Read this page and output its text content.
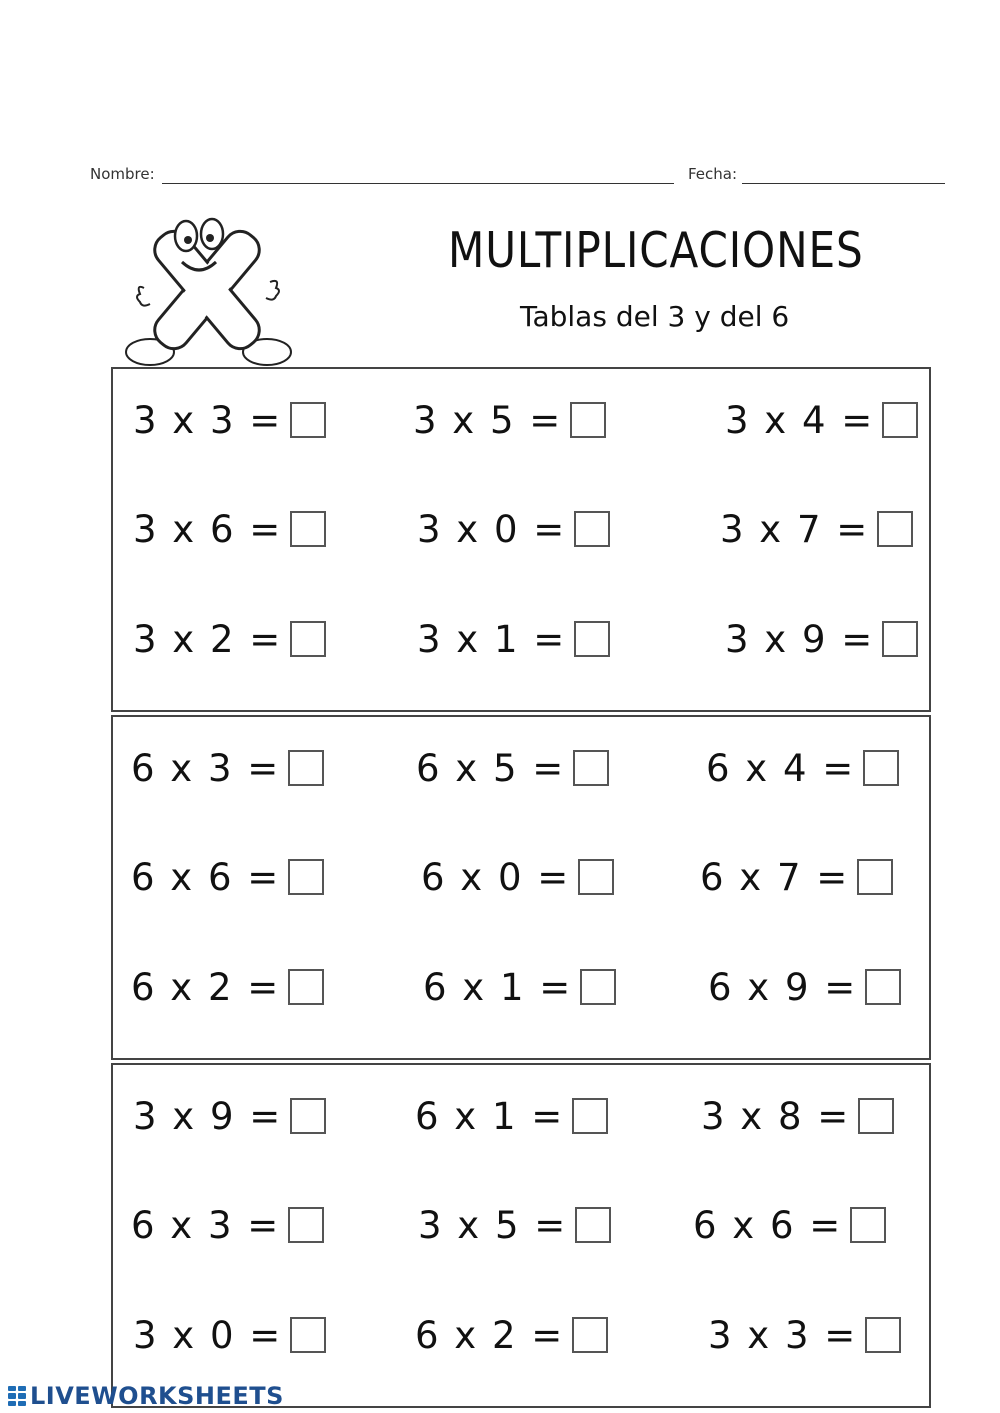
Nombre:	Fecha:
MULTIPLICACIONES
Tablas del 3 y del 6
3 x 3 =	3 x 5 =	3 x 4 =
3 x 6 =	3 x 0 =	3 x 7 =
3 x 2 =	3 x 1 =	3 x 9 =
6 x 3 =	6 x 5 =	6 x 4 =
6 x 6 =	6 x 0 =	6 x 7 =
6 x 2 =	6 x 1 =	6 x 9 =
3 x 9 =	6 x 1 =	3 x 8 =
6 x 3 =	3 x 5 =	6 x 6 =
3 x 0 =	6 x 2 =	3 x 3 =
LIVEWORKSHEETS
